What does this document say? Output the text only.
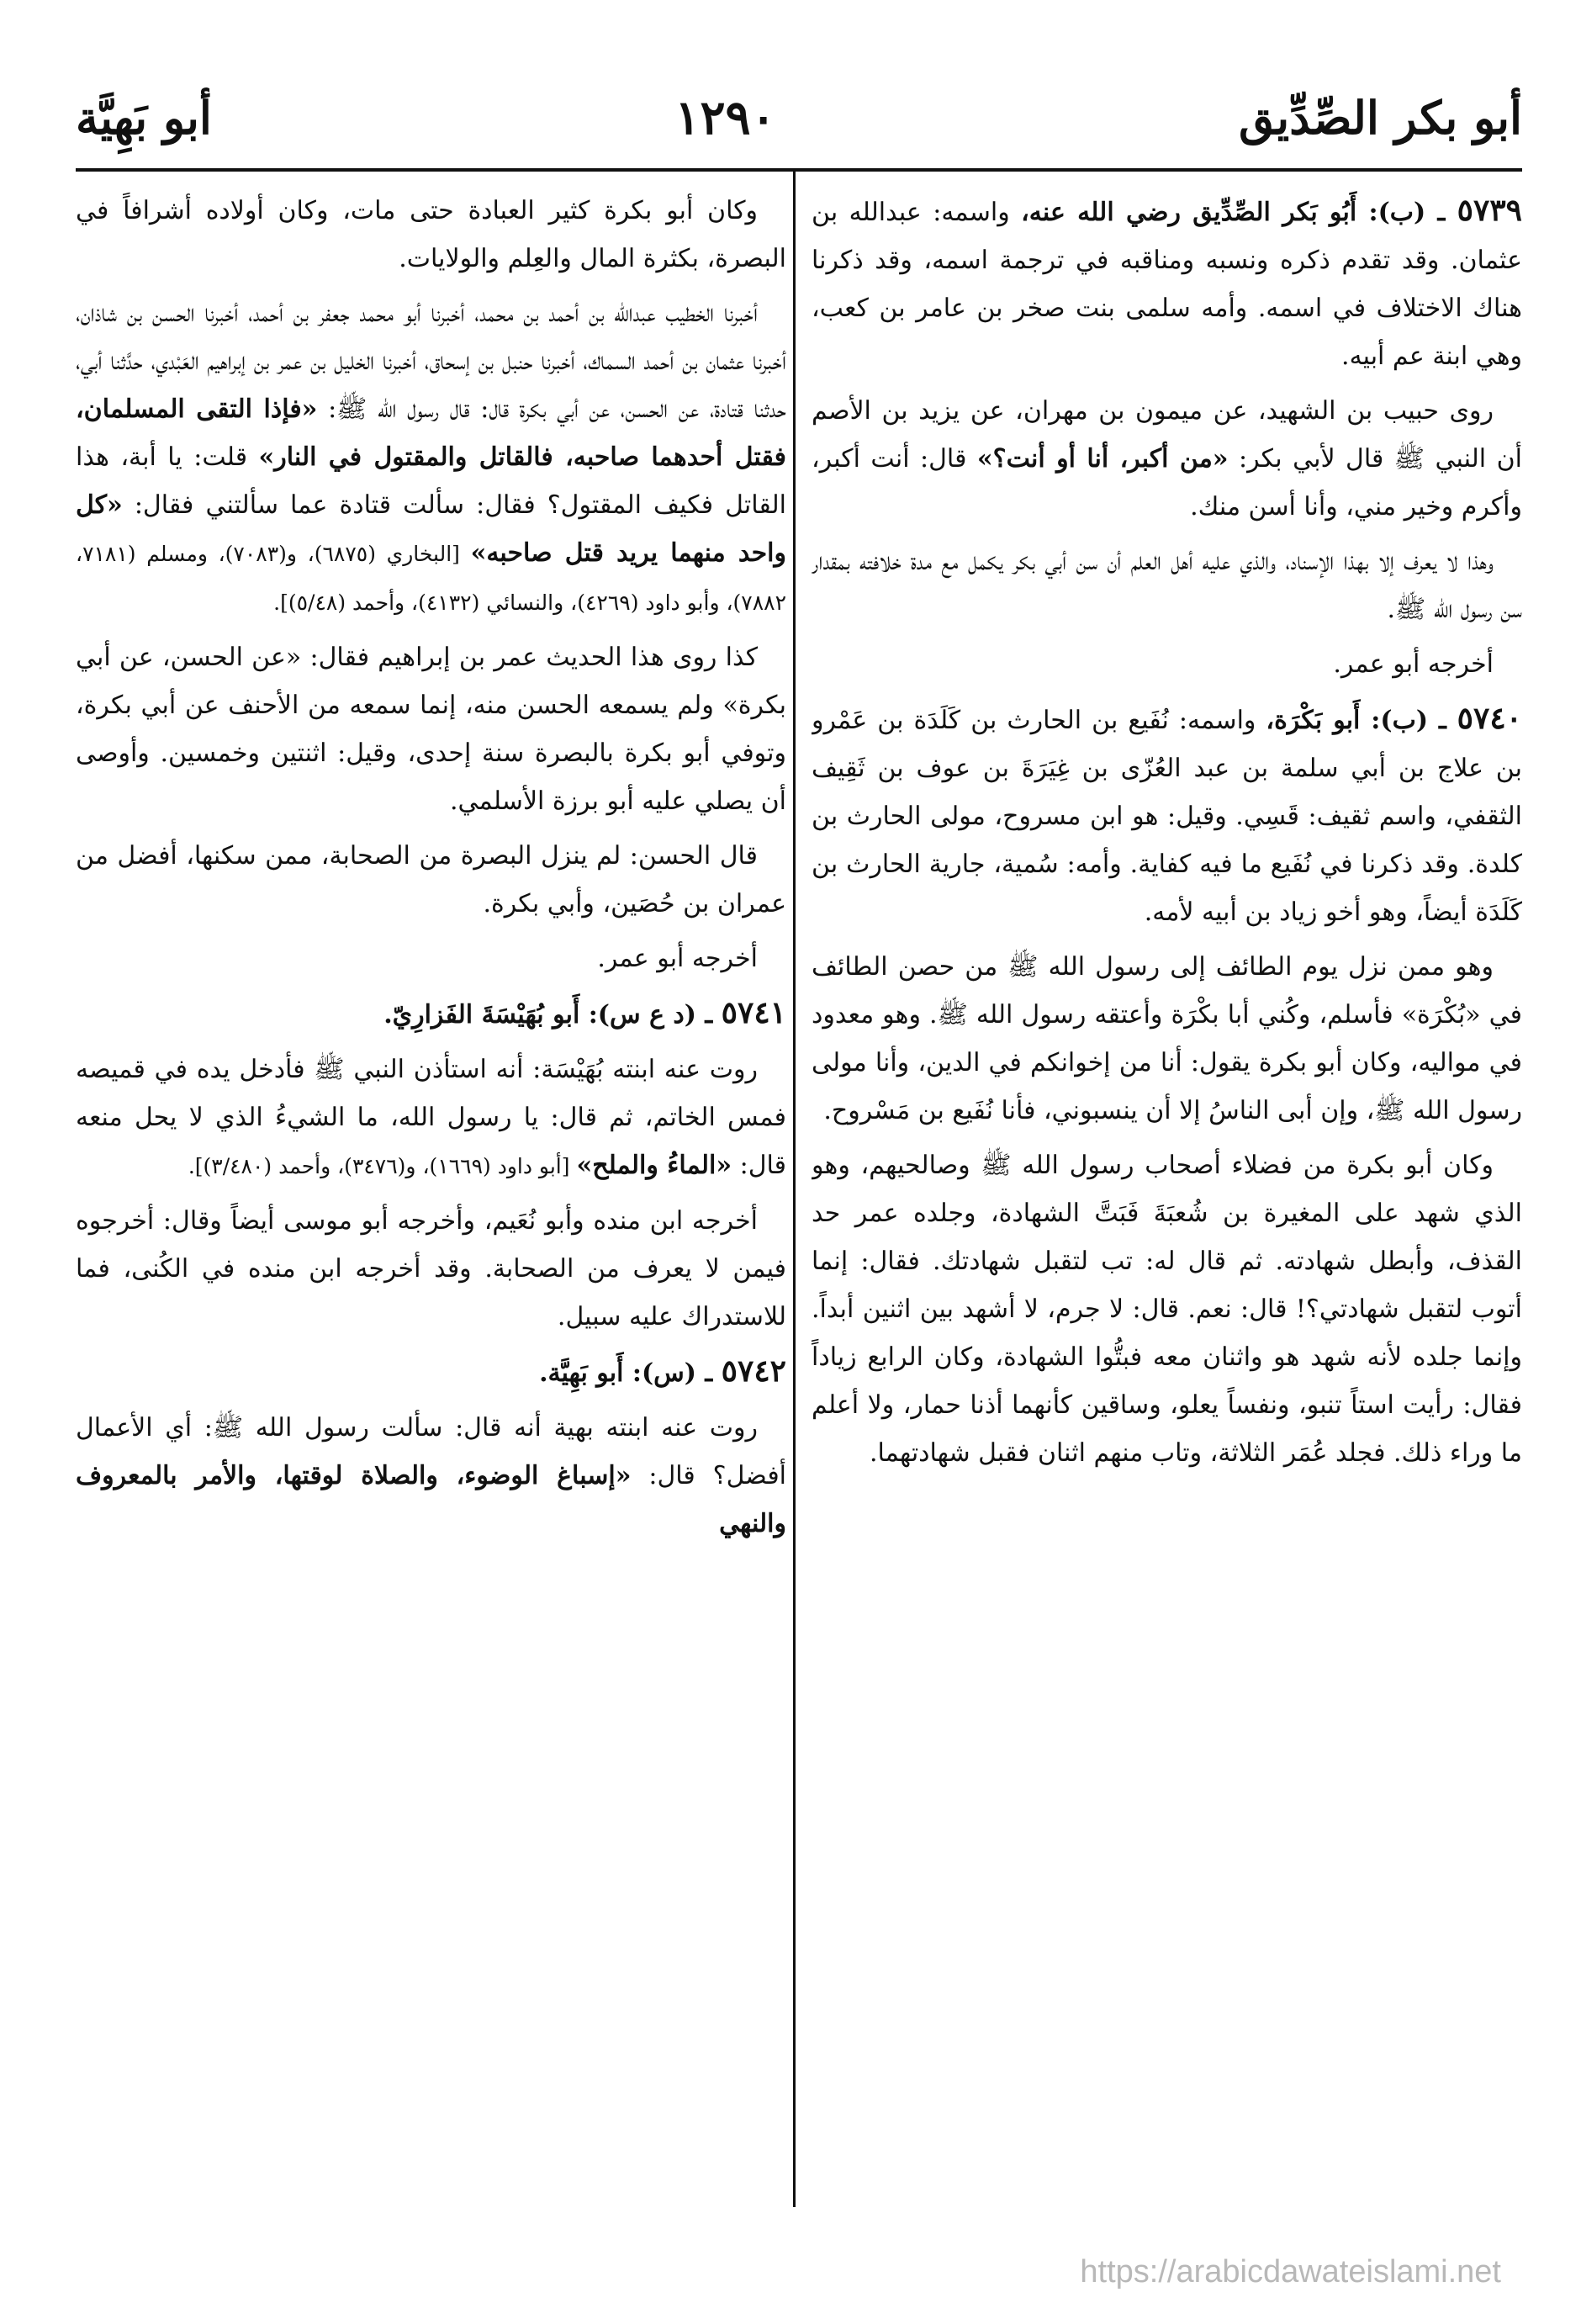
أبو بكر الصِّدِّيق
١٢٩٠
أبو بَهِيَّة

٥٧٣٩ ـ (ب): أَبُو بَكر الصِّدِّيق رضي الله عنه، واسمه: عبدالله بن عثمان. وقد تقدم ذكره ونسبه ومناقبه في ترجمة اسمه، وقد ذكرنا هناك الاختلاف في اسمه. وأمه سلمى بنت صخر بن عامر بن كعب، وهي ابنة عم أبيه.

روى حبيب بن الشهيد، عن ميمون بن مهران، عن يزيد بن الأصم أن النبي ﷺ قال لأبي بكر: «من أكبر، أنا أو أنت؟» قال: أنت أكبر، وأكرم وخير مني، وأنا أسن منك.

وهذا لا يعرف إلا بهذا الإسناد، والذي عليه أهل العلم أن سن أبي بكر يكمل مع مدة خلافته بمقدار سن رسول الله ﷺ.

أخرجه أبو عمر.

٥٧٤٠ ـ (ب): أَبو بَكْرَة، واسمه: نُفَيع بن الحارث بن كَلَدَة بن عَمْرو بن علاج بن أبي سلمة بن عبد العُزّى بن غِيَرَةَ بن عوف بن ثَقِيف الثقفي، واسم ثقيف: قَسِي. وقيل: هو ابن مسروح، مولى الحارث بن كلدة. وقد ذكرنا في نُفَيع ما فيه كفاية. وأمه: سُمية، جارية الحارث بن كَلَدَة أيضاً، وهو أخو زياد بن أبيه لأمه.

وهو ممن نزل يوم الطائف إلى رسول الله ﷺ من حصن الطائف في «بُكْرَة» فأسلم، وكُني أبا بكْرَة وأعتقه رسول الله ﷺ. وهو معدود في مواليه، وكان أبو بكرة يقول: أنا من إخوانكم في الدين، وأنا مولى رسول الله ﷺ، وإن أبى الناسُ إلا أن ينسبوني، فأنا نُفَيع بن مَسْروح.

وكان أبو بكرة من فضلاء أصحاب رسول الله ﷺ وصالحيهم، وهو الذي شهد على المغيرة بن شُعبَةَ فَبَتَّ الشهادة، وجلده عمر حد القذف، وأبطل شهادته. ثم قال له: تب لتقبل شهادتك. فقال: إنما أتوب لتقبل شهادتي؟! قال: نعم. قال: لا جرم، لا أشهد بين اثنين أبداً. وإنما جلده لأنه شهد هو واثنان معه فبتُّوا الشهادة، وكان الرابع زياداً فقال: رأيت استاً تنبو، ونفساً يعلو، وساقين كأنهما أذنا حمار، ولا أعلم ما وراء ذلك. فجلد عُمَر الثلاثة، وتاب منهم اثنان فقبل شهادتهما.

وكان أبو بكرة كثير العبادة حتى مات، وكان أولاده أشرافاً في البصرة، بكثرة المال والعِلم والولايات.

أخبرنا الخطيب عبدالله بن أحمد بن محمد، أخبرنا أبو محمد جعفر بن أحمد، أخبرنا الحسن بن شاذان، أخبرنا عثمان بن أحمد السماك، أخبرنا حنبل بن إسحاق، أخبرنا الخليل بن عمر بن إبراهيم العَبْدي، حدَّثنا أبي، حدثنا قتادة، عن الحسن، عن أبي بكرة قال: قال رسول الله ﷺ: «فإذا التقى المسلمان، فقتل أحدهما صاحبه، فالقاتل والمقتول في النار» قلت: يا أبة، هذا القاتل فكيف المقتول؟ فقال: سألت قتادة عما سألتني فقال: «كل واحد منهما يريد قتل صاحبه» [البخاري (٦٨٧٥)، و(٧٠٨٣)، ومسلم (٧١٨١، ٧٨٨٢)، وأبو داود (٤٢٦٩)، والنسائي (٤١٣٢)، وأحمد (٥/٤٨)].

كذا روى هذا الحديث عمر بن إبراهيم فقال: «عن الحسن، عن أبي بكرة» ولم يسمعه الحسن منه، إنما سمعه من الأحنف عن أبي بكرة، وتوفي أبو بكرة بالبصرة سنة إحدى، وقيل: اثنتين وخمسين. وأوصى أن يصلي عليه أبو برزة الأسلمي.

قال الحسن: لم ينزل البصرة من الصحابة، ممن سكنها، أفضل من عمران بن حُصَين، وأبي بكرة.

أخرجه أبو عمر.

٥٧٤١ ـ (د ع س): أَبو بُهَيْسَةَ الفَزارِيّ.

روت عنه ابنته بُهَيْسَة: أنه استأذن النبي ﷺ فأدخل يده في قميصه فمس الخاتم، ثم قال: يا رسول الله، ما الشيءُ الذي لا يحل منعه قال: «الماءُ والملح» [أبو داود (١٦٦٩)، و(٣٤٧٦)، وأحمد (٣/٤٨٠)].

أخرجه ابن منده وأبو نُعَيم، وأخرجه أبو موسى أيضاً وقال: أخرجوه فيمن لا يعرف من الصحابة. وقد أخرجه ابن منده في الكُنى، فما للاستدراك عليه سبيل.

٥٧٤٢ ـ (س): أَبو بَهِيَّة.

روت عنه ابنته بهية أنه قال: سألت رسول الله ﷺ: أي الأعمال أفضل؟ قال: «إسباغ الوضوء، والصلاة لوقتها، والأمر بالمعروف والنهي

https://arabicdawateislami.net
